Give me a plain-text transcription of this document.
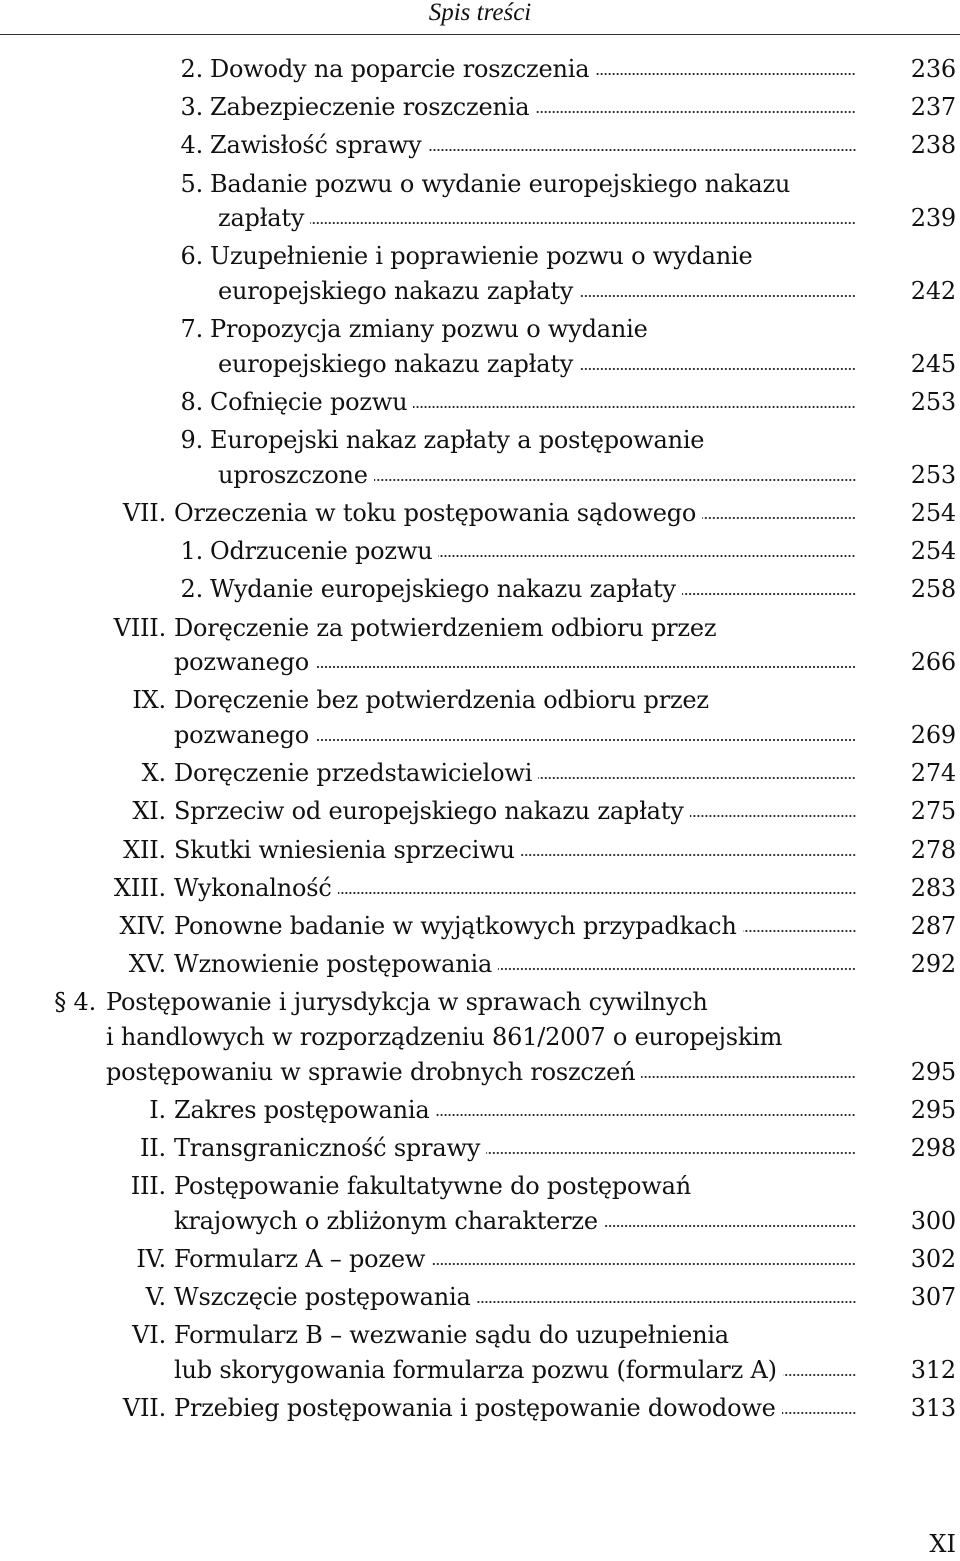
Spis treści
2. Dowody na poparcie roszczenia	236
3. Zabezpieczenie roszczenia	237
4. Zawisłość sprawy	238
5. Badanie pozwu o wydanie europejskiego nakazu
zapłaty	239
6. Uzupełnienie i poprawienie pozwu o wydanie
europejskiego nakazu zapłaty	242
7. Propozycja zmiany pozwu o wydanie
europejskiego nakazu zapłaty	245
8. Cofnięcie pozwu	253
9. Europejski nakaz zapłaty a postępowanie
uproszczone	253
VII. Orzeczenia w toku postępowania sądowego	254
1. Odrzucenie pozwu	254
2. Wydanie europejskiego nakazu zapłaty	258
VIII. Doręczenie za potwierdzeniem odbioru przez
pozwanego	266
IX. Doręczenie bez potwierdzenia odbioru przez
pozwanego	269
X. Doręczenie przedstawicielowi	274
XI. Sprzeciw od europejskiego nakazu zapłaty	275
XII. Skutki wniesienia sprzeciwu	278
XIII. Wykonalność	283
XIV. Ponowne badanie w wyjątkowych przypadkach	287
XV. Wznowienie postępowania	292
§ 4. Postępowanie i jurysdykcja w sprawach cywilnych
i handlowych w rozporządzeniu 861/2007 o europejskim
postępowaniu w sprawie drobnych roszczeń	295
I. Zakres postępowania	295
II. Transgraniczność sprawy	298
III. Postępowanie fakultatywne do postępowań
krajowych o zbliżonym charakterze	300
IV. Formularz A – pozew	302
V. Wszczęcie postępowania	307
VI. Formularz B – wezwanie sądu do uzupełnienia
lub skorygowania formularza pozwu (formularz A)	312
VII. Przebieg postępowania i postępowanie dowodowe	313
XI
